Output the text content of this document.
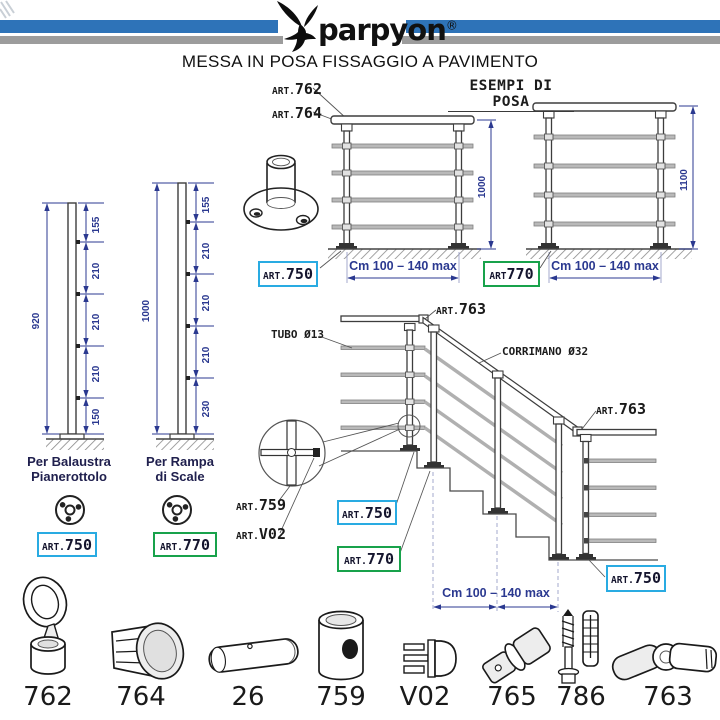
920
155
210
210
210
150
1000
155
210
210
210
230
1000	1100
parpyon®
MESSA IN POSA FISSAGGIO A PAVIMENTO
ESEMPI DI POSA
ART.762
ART.764
ART.763
TUBO Ø13
CORRIMANO Ø32
ART.763
ART.759
ART.V02
ART. 750	ART. 770
ART. 750	ART 770
ART. 750
ART. 770
ART. 750
Cm 100 – 140 max	Cm 100 – 140 max
Cm 100 – 140 max
Per Balaustra
Pianerottolo
Per Rampa
di Scale
762 764	26 759 V02 765 786 763
